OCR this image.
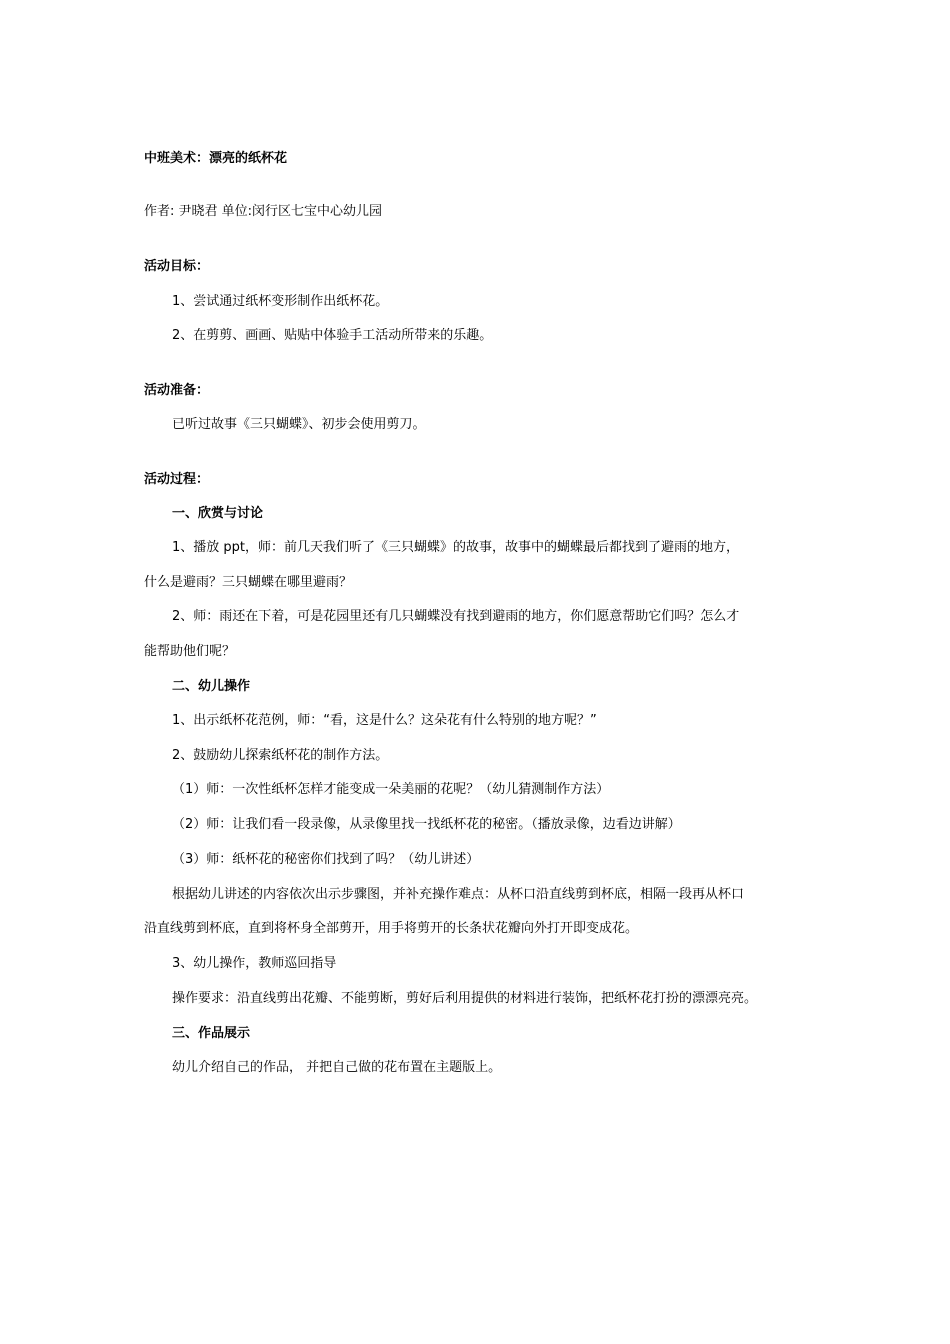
中班美术：漂亮的纸杯花
作者: 尹晓君 单位:闵行区七宝中心幼儿园
活动目标：
1、尝试通过纸杯变形制作出纸杯花。
2、在剪剪、画画、贴贴中体验手工活动所带来的乐趣。
活动准备：
已听过故事《三只蝴蝶》、初步会使用剪刀。
活动过程：
一、欣赏与讨论
1、播放 ppt，师：前几天我们听了《三只蝴蝶》的故事，故事中的蝴蝶最后都找到了避雨的地方，
什么是避雨？三只蝴蝶在哪里避雨？
2、师：雨还在下着，可是花园里还有几只蝴蝶没有找到避雨的地方，你们愿意帮助它们吗？怎么才
能帮助他们呢？
二、幼儿操作
1、出示纸杯花范例，师：“看，这是什么？这朵花有什么特别的地方呢？”
2、鼓励幼儿探索纸杯花的制作方法。
（1）师：一次性纸杯怎样才能变成一朵美丽的花呢？（幼儿猜测制作方法）
（2）师：让我们看一段录像，从录像里找一找纸杯花的秘密。（播放录像，边看边讲解）
（3）师：纸杯花的秘密你们找到了吗？（幼儿讲述）
根据幼儿讲述的内容依次出示步骤图，并补充操作难点：从杯口沿直线剪到杯底，相隔一段再从杯口
沿直线剪到杯底，直到将杯身全部剪开，用手将剪开的长条状花瓣向外打开即变成花。
3、幼儿操作，教师巡回指导
操作要求：沿直线剪出花瓣、不能剪断，剪好后利用提供的材料进行装饰，把纸杯花打扮的漂漂亮亮。
三、作品展示
幼儿介绍自己的作品， 并把自己做的花布置在主题版上。
